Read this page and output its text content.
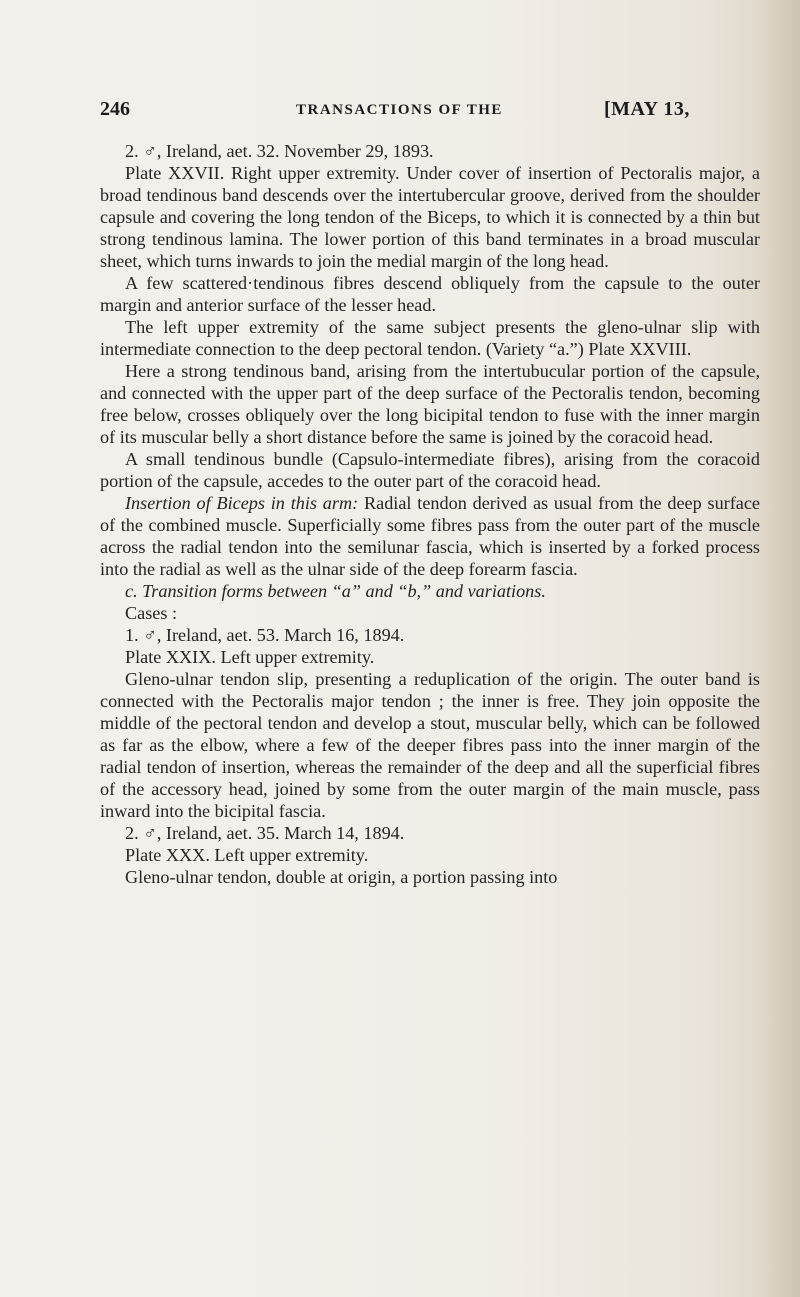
246	TRANSACTIONS OF THE	[MAY 13,

2. ♂, Ireland, aet. 32. November 29, 1893.

Plate XXVII. Right upper extremity. Under cover of insertion of Pectoralis major, a broad tendinous band descends over the intertubercular groove, derived from the shoulder capsule and covering the long tendon of the Biceps, to which it is connected by a thin but strong tendinous lamina. The lower portion of this band terminates in a broad muscular sheet, which turns inwards to join the medial margin of the long head.

A few scattered·tendinous fibres descend obliquely from the capsule to the outer margin and anterior surface of the lesser head.

The left upper extremity of the same subject presents the gleno-ulnar slip with intermediate connection to the deep pectoral tendon. (Variety “a.”) Plate XXVIII.

Here a strong tendinous band, arising from the intertubucular portion of the capsule, and connected with the upper part of the deep surface of the Pectoralis tendon, becoming free below, crosses obliquely over the long bicipital tendon to fuse with the inner margin of its muscular belly a short distance before the same is joined by the coracoid head.

A small tendinous bundle (Capsulo-intermediate fibres), arising from the coracoid portion of the capsule, accedes to the outer part of the coracoid head.

Insertion of Biceps in this arm: Radial tendon derived as usual from the deep surface of the combined muscle. Superficially some fibres pass from the outer part of the muscle across the radial tendon into the semilunar fascia, which is inserted by a forked process into the radial as well as the ulnar side of the deep forearm fascia.

c. Transition forms between “a” and “b,” and variations.

Cases :

1. ♂, Ireland, aet. 53. March 16, 1894.

Plate XXIX. Left upper extremity.

Gleno-ulnar tendon slip, presenting a reduplication of the origin. The outer band is connected with the Pectoralis major tendon ; the inner is free. They join opposite the middle of the pectoral tendon and develop a stout, muscular belly, which can be followed as far as the elbow, where a few of the deeper fibres pass into the inner margin of the radial tendon of insertion, whereas the remainder of the deep and all the superficial fibres of the accessory head, joined by some from the outer margin of the main muscle, pass inward into the bicipital fascia.

2. ♂, Ireland, aet. 35. March 14, 1894.

Plate XXX. Left upper extremity.

Gleno-ulnar tendon, double at origin, a portion passing into
